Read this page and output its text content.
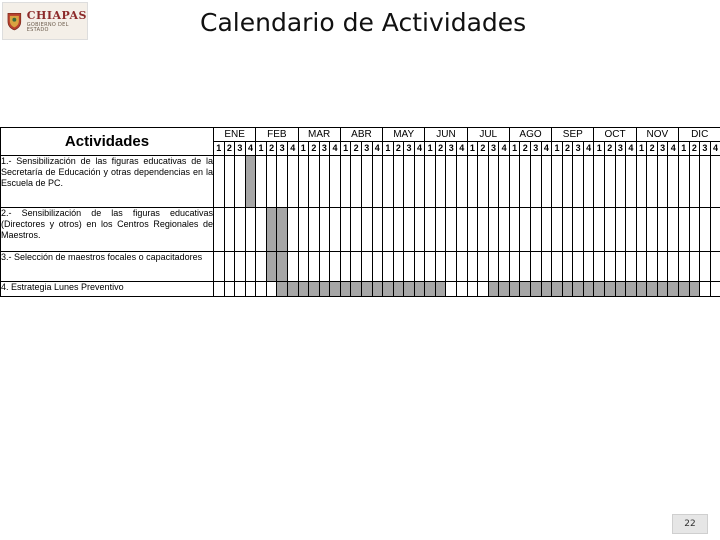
CHIAPAS
GOBIERNO DEL ESTADO	Calendario de Actividades
Actividades	ENE				FEB				MAR				ABR				MAY				JUN				JUL				AGO				SEP				OCT				NOV				DIC			
	1	2	3	4	1	2	3	4	1	2	3	4	1	2	3	4	1	2	3	4	1	2	3	4	1	2	3	4	1	2	3	4	1	2	3	4	1	2	3	4	1	2	3	4	1	2	3	4
1.- Sensibilización de las figuras educativas de la Secretaría de Educación y otras dependencias en la Escuela de PC.																																																
2.- Sensibilización de las figuras educativas (Directores y otros) en los Centros Regionales de Maestros.																																																
3.- Selección de maestros focales o capacitadores																																																
4. Estrategia Lunes Preventivo																																																
22
